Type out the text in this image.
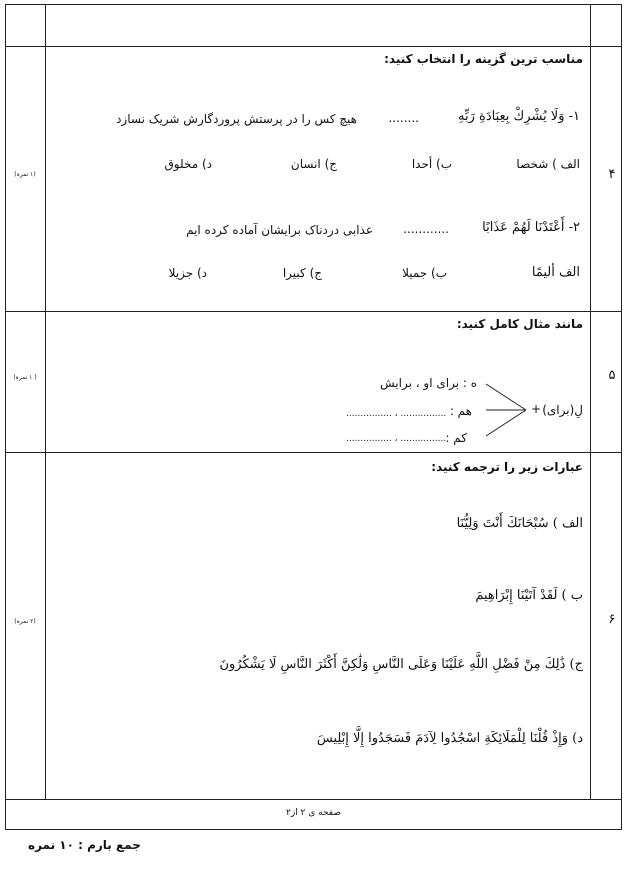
۴
(۱ نمره)
مناسب ترین گزینه را انتخاب کنید:
۱- وَلَا يُشْرِكْ بِعِبَادَةِ رَبِّهِ
........
هیچ کس را در پرستش پروردگارش شریک نسازد
الف ) شخصا
ب) أحدا
ج) انسان
د) مخلوق
۲- أَعْتَدْنَا لَهُمْ عَذَابًا
............
عذابی دردناک برایشان آماده کرده ایم
الف أليمًا
ب) جمیلا
ج) کبیرا
د) جزیلا
۵
( ۱ نمره)
مانند مثال کامل کنید:
ه : برای او ، برایش
لِ(برای)
+
هم :
................ ، ................
کم :
................ ، ................
۶
(۲ نمره)
عبارات زیر را ترجمه کنید:
الف ) سُبْحَانَكَ أَنْتَ وَلِيُّنَا
ب ) لَقَدْ آتَيْنَا إِبْرَاهِيمَ
ج) ذَٰلِكَ مِنْ فَضْلِ اللَّهِ عَلَيْنَا وَعَلَى النَّاسِ وَلَٰكِنَّ أَكْثَرَ النَّاسِ لَا يَشْكُرُونَ
د) وَإِذْ قُلْنَا لِلْمَلَائِكَةِ اسْجُدُوا لِآدَمَ فَسَجَدُوا إِلَّا إِبْلِيسَ
صفحه ی ۲ از۲
جمع بارم : ۱۰ نمره
